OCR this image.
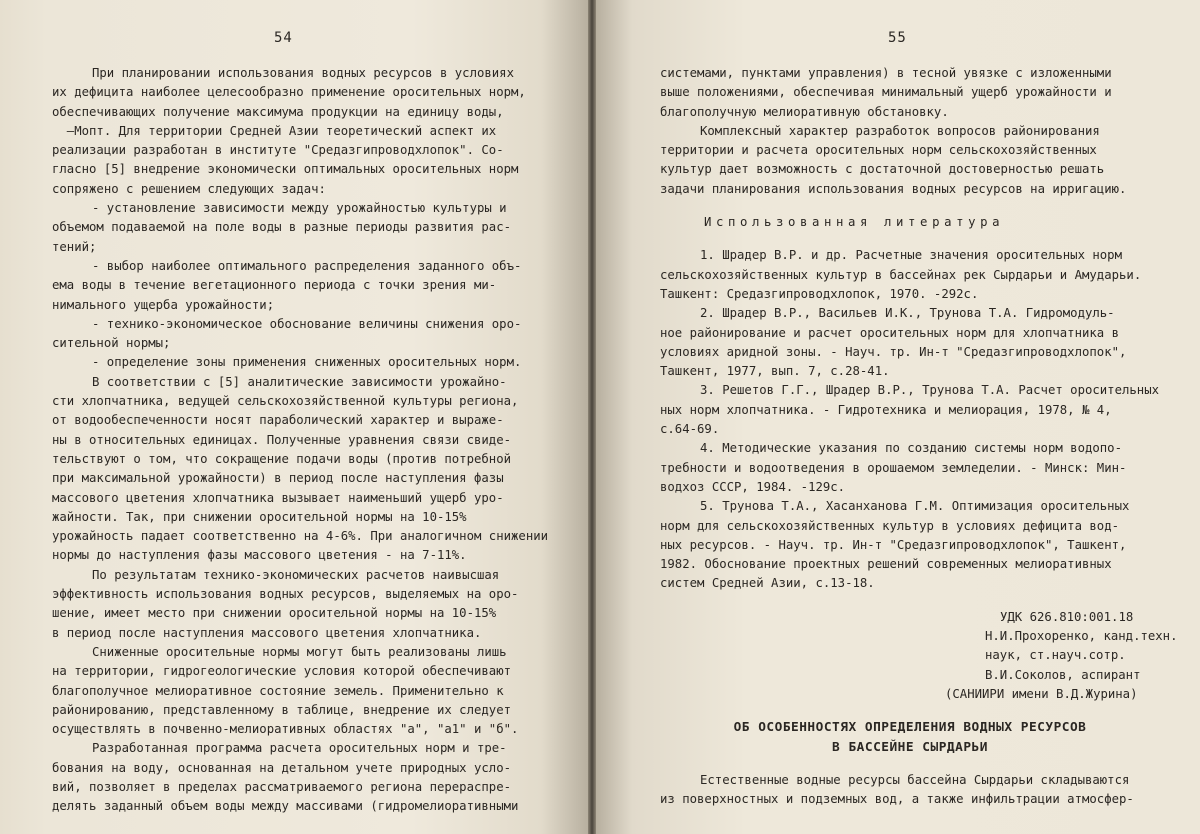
54
При планировании использования водных ресурсов в условиях
их дефицита наиболее целесообразно применение оросительных норм,
обеспечивающих получение максимума продукции на единицу воды,
–Мопт. Для территории Средней Азии теоретический аспект их
реализации разработан в институте "Средазгипроводхлопок". Со-
гласно [5] внедрение экономически оптимальных оросительных норм
сопряжено с решением следующих задач:
- установление зависимости между урожайностью культуры и
объемом подаваемой на поле воды в разные периоды развития рас-
тений;
- выбор наиболее оптимального распределения заданного объ-
ема воды в течение вегетационного периода с точки зрения ми-
нимального ущерба урожайности;
- технико-экономическое обоснование величины снижения оро-
сительной нормы;
- определение зоны применения сниженных оросительных норм.
В соответствии с [5] аналитические зависимости урожайно-
сти хлопчатника, ведущей сельскохозяйственной культуры региона,
от водообеспеченности носят параболический характер и выраже-
ны в относительных единицах. Полученные уравнения связи свиде-
тельствуют о том, что сокращение подачи воды (против потребной
при максимальной урожайности) в период после наступления фазы
массового цветения хлопчатника вызывает наименьший ущерб уро-
жайности. Так, при снижении оросительной нормы на 10-15%
урожайность падает соответственно на 4-6%. При аналогичном снижении
нормы до наступления фазы массового цветения - на 7-11%.
По результатам технико-экономических расчетов наивысшая
эффективность использования водных ресурсов, выделяемых на оро-
шение, имеет место при снижении оросительной нормы на 10-15%
в период после наступления массового цветения хлопчатника.
Сниженные оросительные нормы могут быть реализованы лишь
на территории, гидрогеологические условия которой обеспечивают
благополучное мелиоративное состояние земель. Применительно к
районированию, представленному в таблице, внедрение их следует
осуществлять в почвенно-мелиоративных областях "а", "а1" и "б".
Разработанная программа расчета оросительных норм и тре-
бования на воду, основанная на детальном учете природных усло-
вий, позволяет в пределах рассматриваемого региона перераспре-
делять заданный объем воды между массивами (гидромелиоративными
55
системами, пунктами управления) в тесной увязке с изложенными
выше положениями, обеспечивая минимальный ущерб урожайности и
благополучную мелиоративную обстановку.
Комплексный характер разработок вопросов районирования
территории и расчета оросительных норм сельскохозяйственных
культур дает возможность с достаточной достоверностью решать
задачи планирования использования водных ресурсов на ирригацию.
Использованная литература
1. Шрадер В.Р. и др. Расчетные значения оросительных норм
сельскохозяйственных культур в бассейнах рек Сырдарьи и Амударьи.
Ташкент: Средазгипроводхлопок, 1970. -292с.
2. Шрадер В.Р., Васильев И.К., Трунова Т.А. Гидромодуль-
ное районирование и расчет оросительных норм для хлопчатника в
условиях аридной зоны. - Науч. тр. Ин-т "Средазгипроводхлопок",
Ташкент, 1977, вып. 7, с.28-41.
3. Решетов Г.Г., Шрадер В.Р., Трунова Т.А. Расчет оросительных
ных норм хлопчатника. - Гидротехника и мелиорация, 1978, № 4,
с.64-69.
4. Методические указания по созданию системы норм водопо-
требности и водоотведения в орошаемом земледелии. - Минск: Мин-
водхоз СССР, 1984. -129с.
5. Трунова Т.А., Хасанханова Г.М. Оптимизация оросительных
норм для сельскохозяйственных культур в условиях дефицита вод-
ных ресурсов. - Науч. тр. Ин-т "Средазгипроводхлопок", Ташкент,
1982. Обоснование проектных решений современных мелиоративных
систем Средней Азии, с.13-18.
УДК 626.810:001.18
Н.И.Прохоренко, канд.техн.
наук, ст.науч.сотр.
В.И.Соколов, аспирант
(САНИИРИ имени В.Д.Журина)
ОБ ОСОБЕННОСТЯХ ОПРЕДЕЛЕНИЯ ВОДНЫХ РЕСУРСОВ
В БАССЕЙНЕ СЫРДАРЬИ
Естественные водные ресурсы бассейна Сырдарьи складываются
из поверхностных и подземных вод, а также инфильтрации атмосфер-
